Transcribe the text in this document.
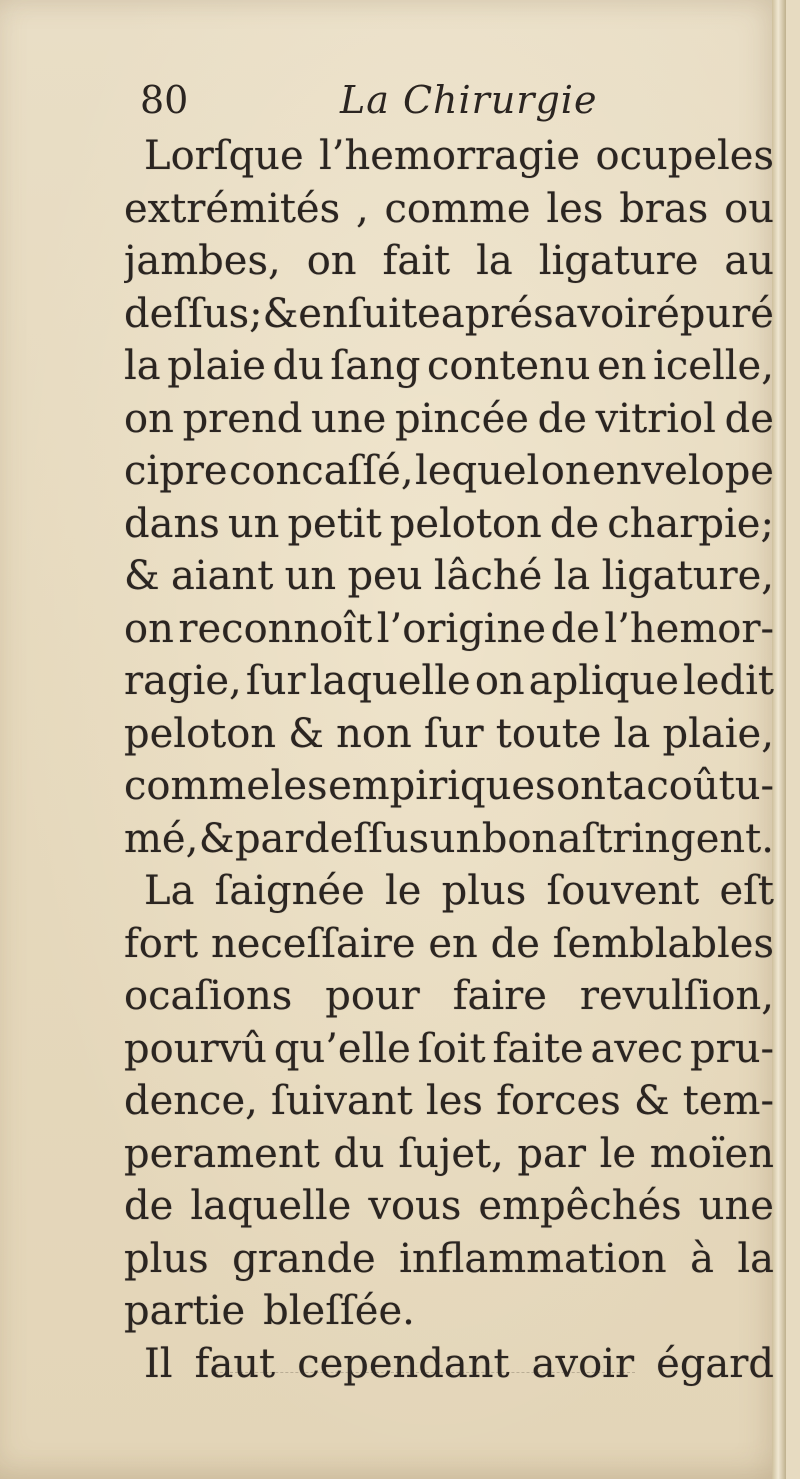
80	La Chirurgie
Lorſque l’hemorragie ocupeles
extrémités , comme les bras ou
jambes, on fait la ligature au
deſſus; & enſuite aprés avoir épuré
la plaie du ſang contenu en icelle,
on prend une pincée de vitriol de
cipre concaſſé, lequel on envelope
dans un petit peloton de charpie;
& aiant un peu lâché la ligature,
on reconnoît l’origine de l’hemor-
ragie, ſur laquelle on aplique ledit
peloton & non ſur toute la plaie,
comme les empiriques ont acoûtu-
mé, & par deſſus un bon aſtringent.
La ſaignée le plus ſouvent eſt
fort neceſſaire en de ſemblables
ocaſions pour faire revulſion,
pourvû qu’elle ſoit faite avec pru-
dence, ſuivant les forces & tem-
perament du ſujet, par le moïen
de laquelle vous empêchés une
plus grande inflammation à la
partie bleſſée.
Il faut cependant avoir égard
